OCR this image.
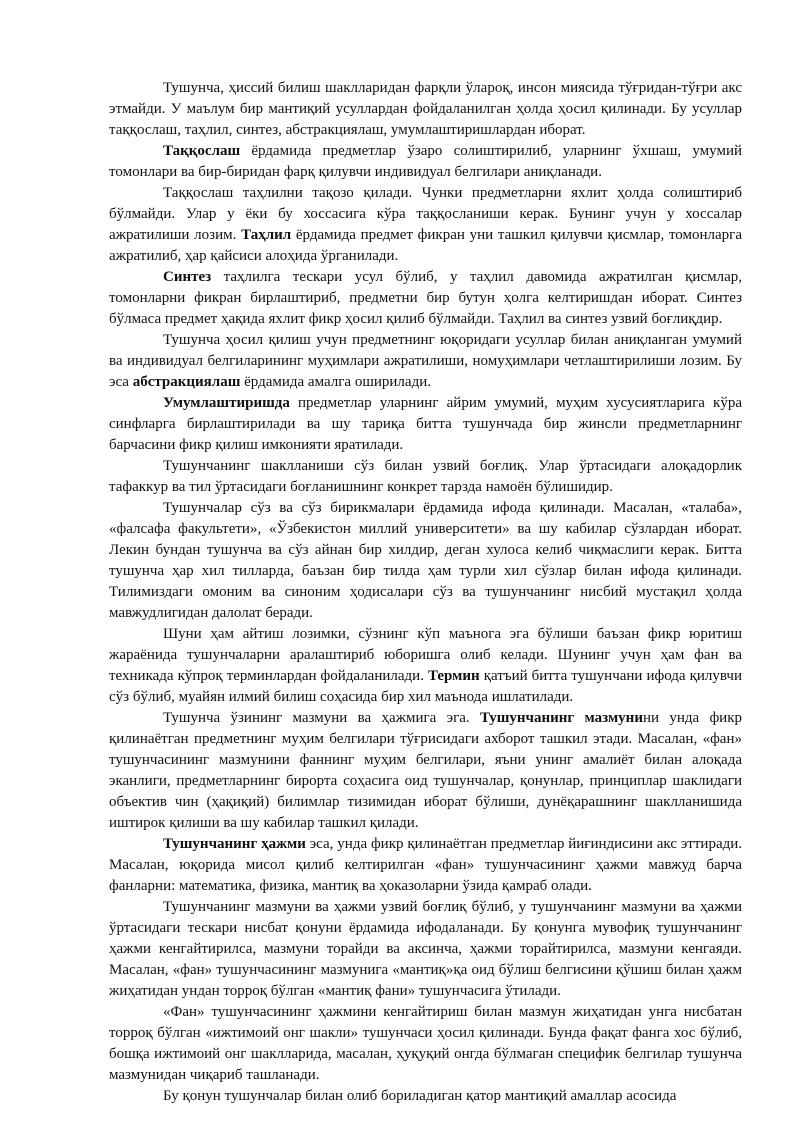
Тушунча, ҳиссий билиш шаклларидан фарқли ўлароқ, инсон миясида тўғридан-тўғри акс этмайди. У маълум бир мантиқий усуллардан фойдаланилган ҳолда ҳосил қилинади. Бу усуллар таққослаш, таҳлил, синтез, абстракциялаш, умумлаштиришлардан иборат.

Таққослаш ёрдамида предметлар ўзаро солиштирилиб, уларнинг ўхшаш, умумий томонлари ва бир-биридан фарқ қилувчи индивидуал белгилари аниқланади.

Таққослаш таҳлилни тақозо қилади. Чунки предметларни яхлит ҳолда солиштириб бўлмайди. Улар у ёки бу хоссасига кўра таққосланиши керак. Бунинг учун у хоссалар ажратилиши лозим. Таҳлил ёрдамида предмет фикран уни ташкил қилувчи қисмлар, томонларга ажратилиб, ҳар қайсиси алоҳида ўрганилади.

Синтез таҳлилга тескари усул бўлиб, у таҳлил давомида ажратилган қисмлар, томонларни фикран бирлаштириб, предметни бир бутун ҳолга келтиришдан иборат. Синтез бўлмаса предмет ҳақида яхлит фикр ҳосил қилиб бўлмайди. Таҳлил ва синтез узвий боғлиқдир.

Тушунча ҳосил қилиш учун предметнинг юқоридаги усуллар билан аниқланган умумий ва индивидуал белгиларининг муҳимлари ажратилиши, номуҳимлари четлаштирилиши лозим. Бу эса абстракциялаш ёрдамида амалга оширилади.

Умумлаштиришда предметлар уларнинг айрим умумий, муҳим хусусиятларига кўра синфларга бирлаштирилади ва шу тариқа битта тушунчада бир жинсли предметларнинг барчасини фикр қилиш имконияти яратилади.

Тушунчанинг шаклланиши сўз билан узвий боғлиқ. Улар ўртасидаги алоқадорлик тафаккур ва тил ўртасидаги боғланишнинг конкрет тарзда намоён бўлишидир.

Тушунчалар сўз ва сўз бирикмалари ёрдамида ифода қилинади. Масалан, «талаба», «фалсафа факультети», «Ўзбекистон миллий университети» ва шу кабилар сўзлардан иборат. Лекин бундан тушунча ва сўз айнан бир хилдир, деган хулоса келиб чиқмаслиги керак. Битта тушунча ҳар хил тилларда, баъзан бир тилда ҳам турли хил сўзлар билан ифода қилинади. Тилимиздаги омоним ва синоним ҳодисалари сўз ва тушунчанинг нисбий мустақил ҳолда мавжудлигидан далолат беради.

Шуни ҳам айтиш лозимки, сўзнинг кўп маънога эга бўлиши баъзан фикр юритиш жараёнида тушунчаларни аралаштириб юборишга олиб келади. Шунинг учун ҳам фан ва техникада кўпроқ терминлардан фойдаланилади. Термин қатъий битта тушунчани ифода қилувчи сўз бўлиб, муайян илмий билиш соҳасида бир хил маънода ишлатилади.

Тушунча ўзининг мазмуни ва ҳажмига эга. Тушунчанинг мазмунини унда фикр қилинаётган предметнинг муҳим белгилари тўғрисидаги ахборот ташкил этади. Масалан, «фан» тушунчасининг мазмунини фаннинг муҳим белгилари, яъни унинг амалиёт билан алоқада эканлиги, предметларнинг бирорта соҳасига оид тушунчалар, қонунлар, принциплар шаклидаги объектив чин (ҳақиқий) билимлар тизимидан иборат бўлиши, дунёқарашнинг шаклланишида иштирок қилиши ва шу кабилар ташкил қилади.

Тушунчанинг ҳажми эса, унда фикр қилинаётган предметлар йиғиндисини акс эттиради. Масалан, юқорида мисол қилиб келтирилган «фан» тушунчасининг ҳажми мавжуд барча фанларни: математика, физика, мантиқ ва ҳоказоларни ўзида қамраб олади.

Тушунчанинг мазмуни ва ҳажми узвий боғлиқ бўлиб, у тушунчанинг мазмуни ва ҳажми ўртасидаги тескари нисбат қонуни ёрдамида ифодаланади. Бу қонунга мувофиқ тушунчанинг ҳажми кенгайтирилса, мазмуни торайди ва аксинча, ҳажми торайтирилса, мазмуни кенгаяди. Масалан, «фан» тушунчасининг мазмунига «мантиқ»қа оид бўлиш белгисини қўшиш билан ҳажм жиҳатидан ундан торроқ бўлган «мантиқ фани» тушунчасига ўтилади.

«Фан» тушунчасининг ҳажмини кенгайтириш билан мазмун жиҳатидан унга нисбатан торроқ бўлган «ижтимоий онг шакли» тушунчаси ҳосил қилинади. Бунда фақат фанга хос бўлиб, бошқа ижтимоий онг шаклларида, масалан, ҳуқуқий онгда бўлмаган специфик белгилар тушунча мазмунидан чиқариб ташланади.

Бу қонун тушунчалар билан олиб бориладиган қатор мантиқий амаллар асосида
